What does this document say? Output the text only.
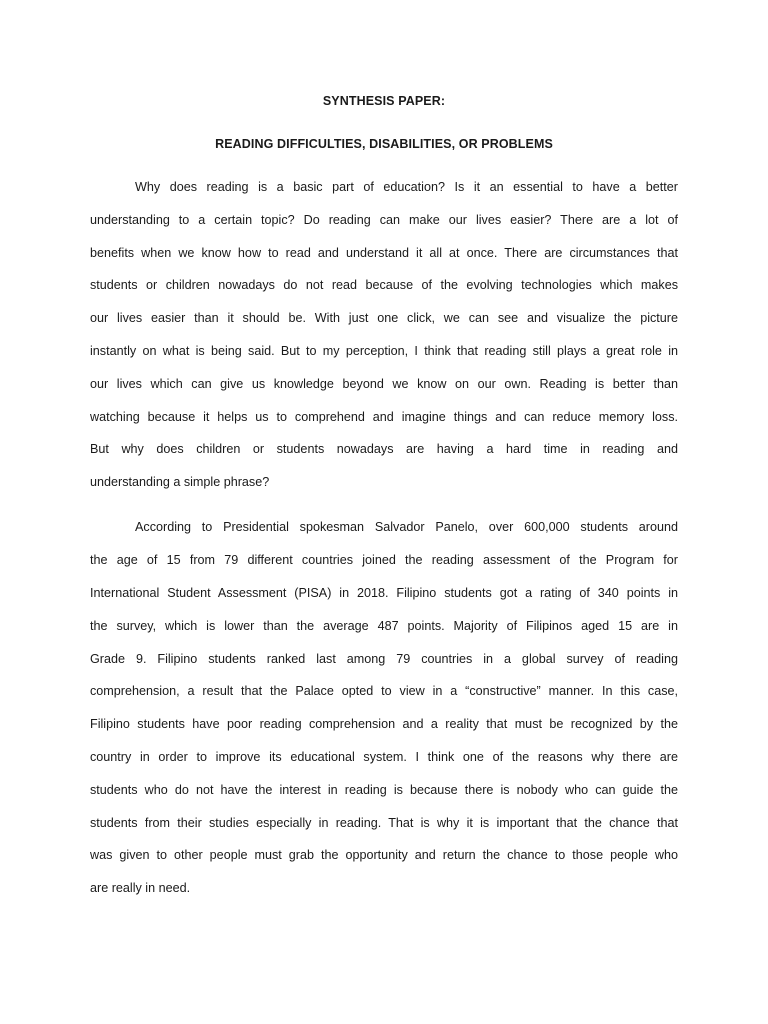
SYNTHESIS PAPER:
READING DIFFICULTIES, DISABILITIES, OR PROBLEMS
Why does reading is a basic part of education? Is it an essential to have a better
understanding to a certain topic? Do reading can make our lives easier? There are a lot of
benefits when we know how to read and understand it all at once. There are circumstances that
students or children nowadays do not read because of the evolving technologies which makes
our lives easier than it should be. With just one click, we can see and visualize the picture
instantly on what is being said. But to my perception, I think that reading still plays a great role in
our lives which can give us knowledge beyond we know on our own. Reading is better than
watching because it helps us to comprehend and imagine things and can reduce memory loss.
But why does children or students nowadays are having a hard time in reading and
understanding a simple phrase?
According to Presidential spokesman Salvador Panelo, over 600,000 students around
the age of 15 from 79 different countries joined the reading assessment of the Program for
International Student Assessment (PISA) in 2018. Filipino students got a rating of 340 points in
the survey, which is lower than the average 487 points. Majority of Filipinos aged 15 are in
Grade 9. Filipino students ranked last among 79 countries in a global survey of reading
comprehension, a result that the Palace opted to view in a “constructive” manner. In this case,
Filipino students have poor reading comprehension and a reality that must be recognized by the
country in order to improve its educational system. I think one of the reasons why there are
students who do not have the interest in reading is because there is nobody who can guide the
students from their studies especially in reading. That is why it is important that the chance that
was given to other people must grab the opportunity and return the chance to those people who
are really in need.
